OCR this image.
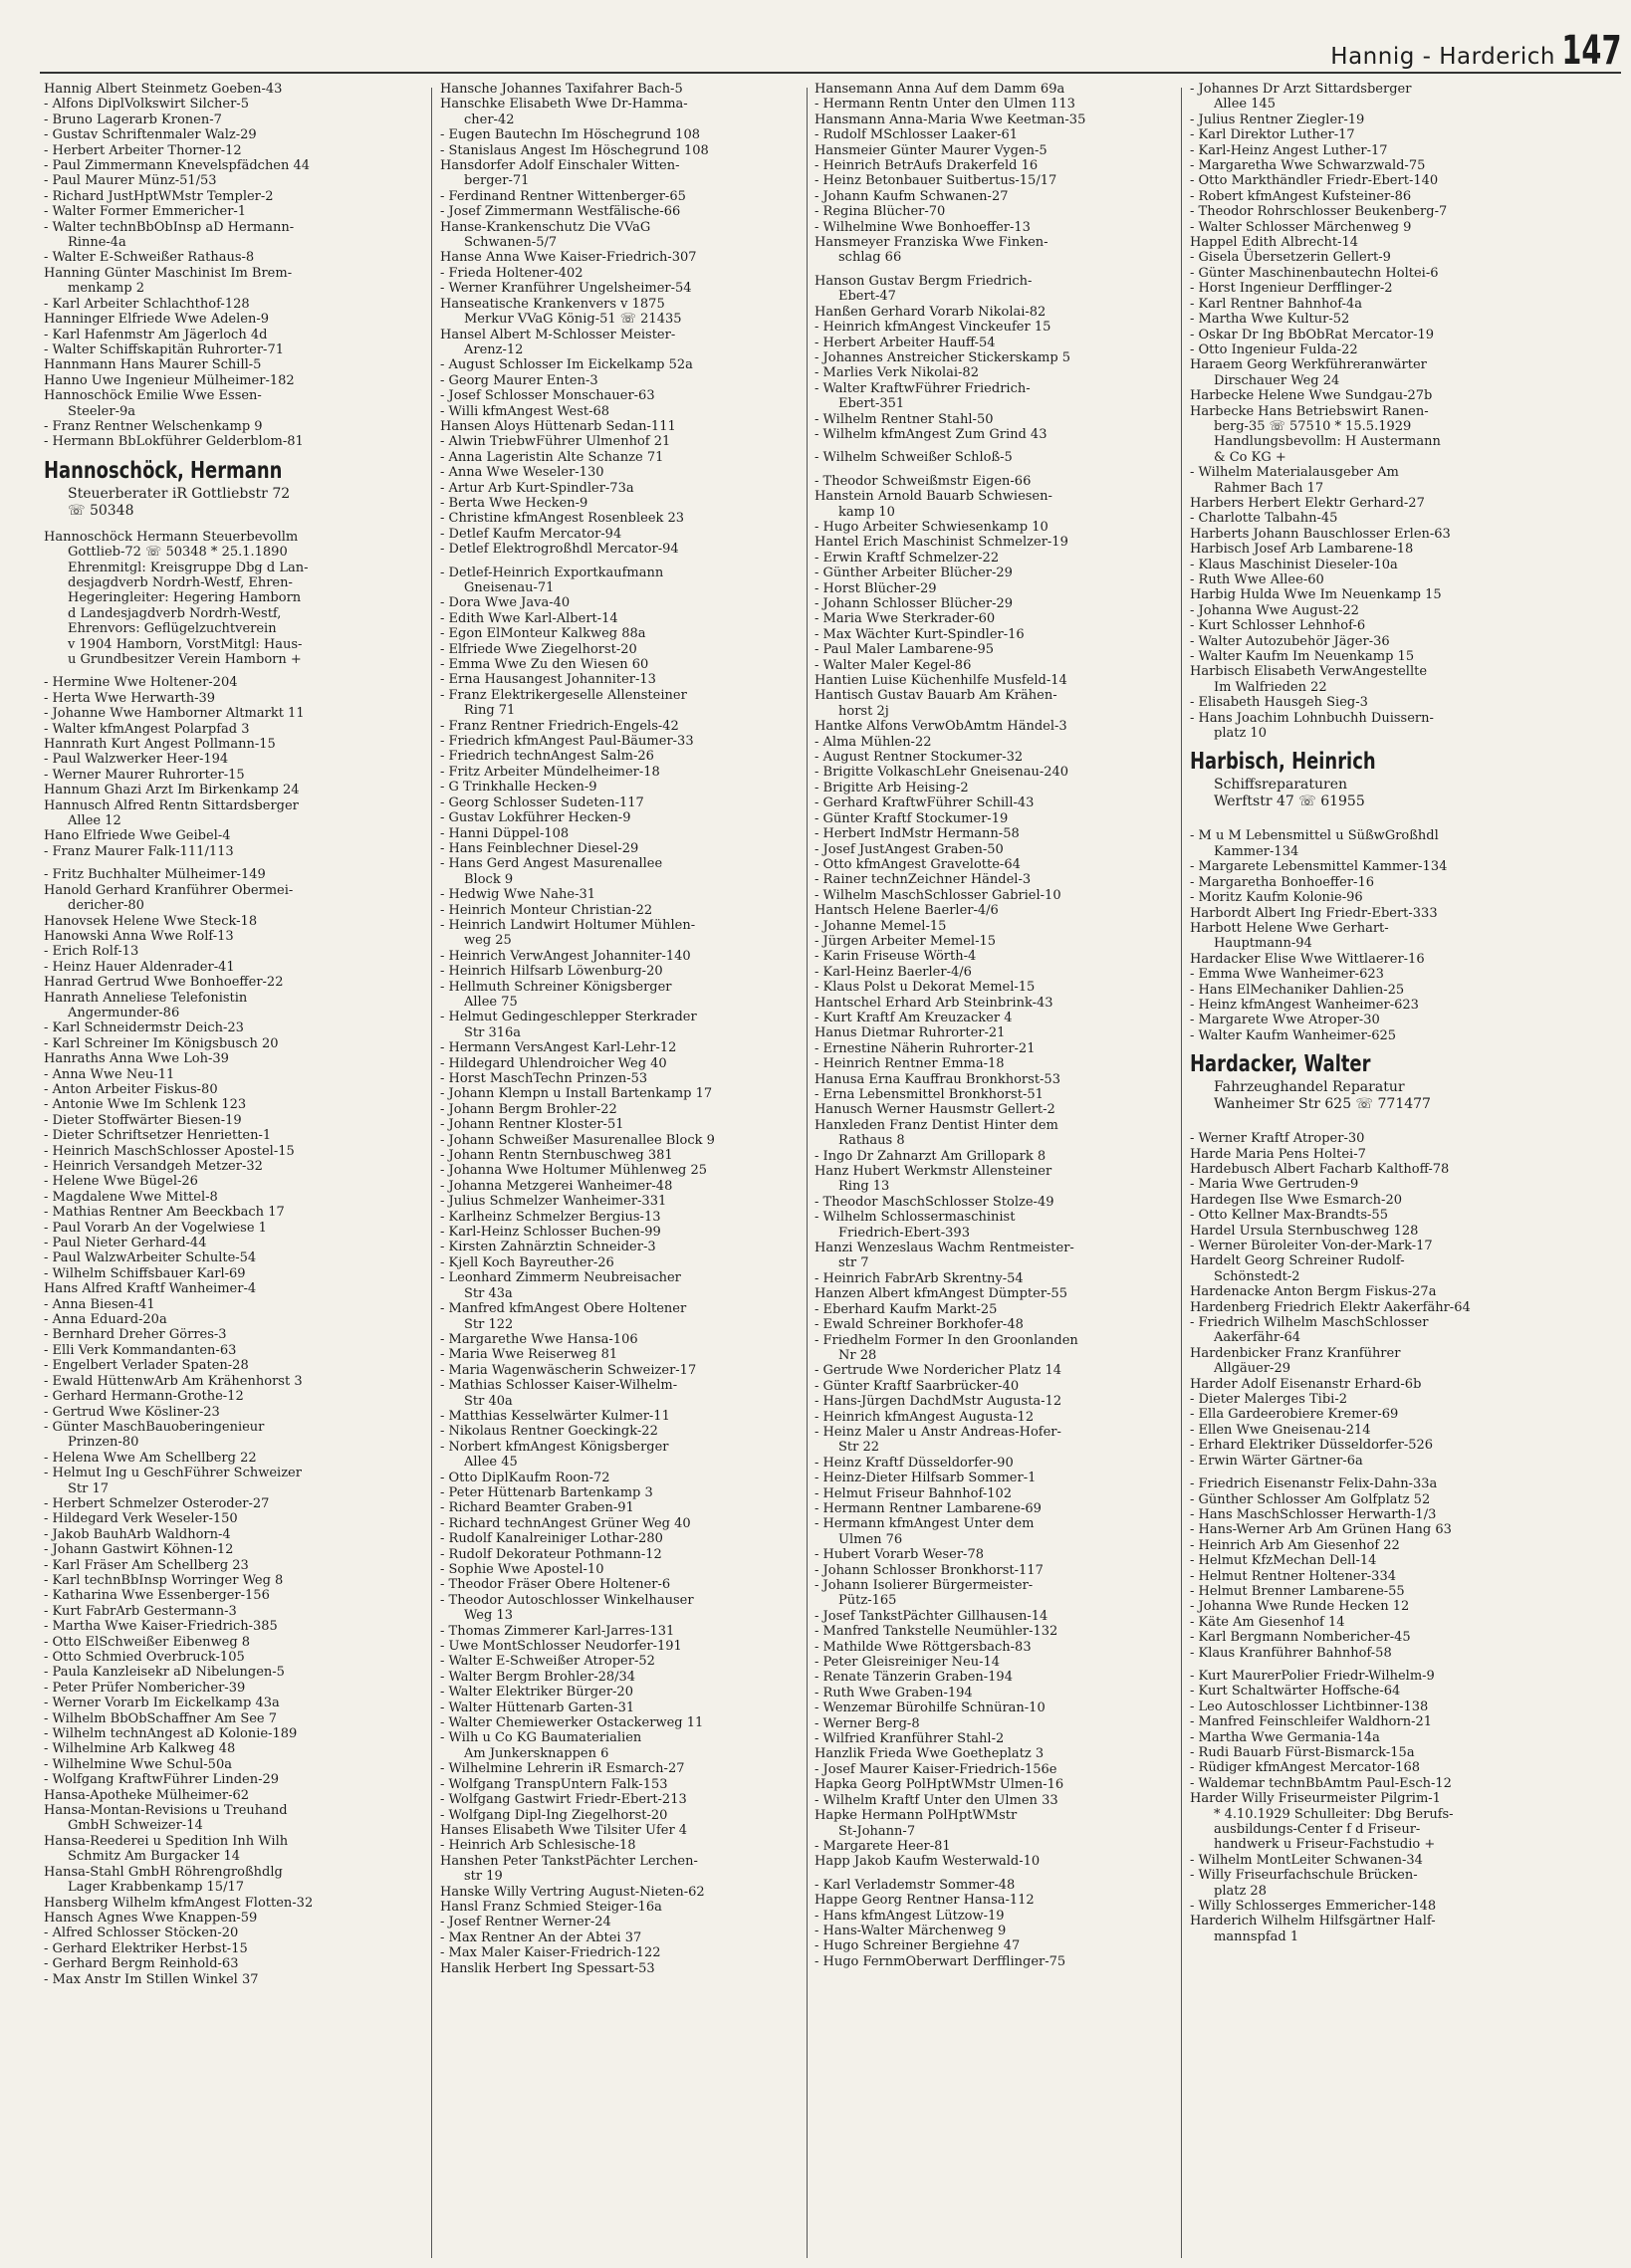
Hannig - Harderich 147
Hannig Albert Steinmetz Goeben-43
- Alfons DiplVolkswirt Silcher-5
- Bruno Lagerarb Kronen-7
- Gustav Schriftenmaler Walz-29
- Herbert Arbeiter Thorner-12
- Paul Zimmermann Knevelspfädchen 44
- Paul Maurer Münz-51/53
- Richard JustHptWMstr Templer-2
- Walter Former Emmericher-1
- Walter technBbObInsp aD Hermann-
Rinne-4a
- Walter E-Schweißer Rathaus-8
Hanning Günter Maschinist Im Brem-
menkamp 2
- Karl Arbeiter Schlachthof-128
Hanninger Elfriede Wwe Adelen-9
- Karl Hafenmstr Am Jägerloch 4d
- Walter Schiffskapitän Ruhrorter-71
Hannmann Hans Maurer Schill-5
Hanno Uwe Ingenieur Mülheimer-182
Hannoschöck Emilie Wwe Essen-
Steeler-9a
- Franz Rentner Welschenkamp 9
- Hermann BbLokführer Gelderblom-81
Hannoschöck, Hermann
Steuerberater iR Gottliebstr 72
☏ 50348
Hannoschöck Hermann Steuerbevollm
Gottlieb-72 ☏ 50348 * 25.1.1890
Ehrenmitgl: Kreisgruppe Dbg d Lan-
desjagdverb Nordrh-Westf, Ehren-
Hegeringleiter: Hegering Hamborn
d Landesjagdverb Nordrh-Westf,
Ehrenvors: Geflügelzuchtverein
v 1904 Hamborn, VorstMitgl: Haus-
u Grundbesitzer Verein Hamborn +
- Hermine Wwe Holtener-204
- Herta Wwe Herwarth-39
- Johanne Wwe Hamborner Altmarkt 11
- Walter kfmAngest Polarpfad 3
Hannrath Kurt Angest Pollmann-15
- Paul Walzwerker Heer-194
- Werner Maurer Ruhrorter-15
Hannum Ghazi Arzt Im Birkenkamp 24
Hannusch Alfred Rentn Sittardsberger
Allee 12
Hano Elfriede Wwe Geibel-4
- Franz Maurer Falk-111/113
- Fritz Buchhalter Mülheimer-149
Hanold Gerhard Kranführer Obermei-
dericher-80
Hanovsek Helene Wwe Steck-18
Hanowski Anna Wwe Rolf-13
- Erich Rolf-13
- Heinz Hauer Aldenrader-41
Hanrad Gertrud Wwe Bonhoeffer-22
Hanrath Anneliese Telefonistin
Angermunder-86
- Karl Schneidermstr Deich-23
- Karl Schreiner Im Königsbusch 20
Hanraths Anna Wwe Loh-39
- Anna Wwe Neu-11
- Anton Arbeiter Fiskus-80
- Antonie Wwe Im Schlenk 123
- Dieter Stoffwärter Biesen-19
- Dieter Schriftsetzer Henrietten-1
- Heinrich MaschSchlosser Apostel-15
- Heinrich Versandgeh Metzer-32
- Helene Wwe Bügel-26
- Magdalene Wwe Mittel-8
- Mathias Rentner Am Beeckbach 17
- Paul Vorarb An der Vogelwiese 1
- Paul Nieter Gerhard-44
- Paul WalzwArbeiter Schulte-54
- Wilhelm Schiffsbauer Karl-69
Hans Alfred Kraftf Wanheimer-4
- Anna Biesen-41
- Anna Eduard-20a
- Bernhard Dreher Görres-3
- Elli Verk Kommandanten-63
- Engelbert Verlader Spaten-28
- Ewald HüttenwArb Am Krähenhorst 3
- Gerhard Hermann-Grothe-12
- Gertrud Wwe Kösliner-23
- Günter MaschBauoberingenieur
Prinzen-80
- Helena Wwe Am Schellberg 22
- Helmut Ing u GeschFührer Schweizer
Str 17
- Herbert Schmelzer Osteroder-27
- Hildegard Verk Weseler-150
- Jakob BauhArb Waldhorn-4
- Johann Gastwirt Köhnen-12
- Karl Fräser Am Schellberg 23
- Karl technBbInsp Worringer Weg 8
- Katharina Wwe Essenberger-156
- Kurt FabrArb Gestermann-3
- Martha Wwe Kaiser-Friedrich-385
- Otto ElSchweißer Eibenweg 8
- Otto Schmied Overbruck-105
- Paula Kanzleisekr aD Nibelungen-5
- Peter Prüfer Nombericher-39
- Werner Vorarb Im Eickelkamp 43a
- Wilhelm BbObSchaffner Am See 7
- Wilhelm technAngest aD Kolonie-189
- Wilhelmine Arb Kalkweg 48
- Wilhelmine Wwe Schul-50a
- Wolfgang KraftwFührer Linden-29
Hansa-Apotheke Mülheimer-62
Hansa-Montan-Revisions u Treuhand
GmbH Schweizer-14
Hansa-Reederei u Spedition Inh Wilh
Schmitz Am Burgacker 14
Hansa-Stahl GmbH Röhrengroßhdlg
Lager Krabbenkamp 15/17
Hansberg Wilhelm kfmAngest Flotten-32
Hansch Agnes Wwe Knappen-59
- Alfred Schlosser Stöcken-20
- Gerhard Elektriker Herbst-15
- Gerhard Bergm Reinhold-63
- Max Anstr Im Stillen Winkel 37
Hansche Johannes Taxifahrer Bach-5
Hanschke Elisabeth Wwe Dr-Hamma-
cher-42
- Eugen Bautechn Im Höschegrund 108
- Stanislaus Angest Im Höschegrund 108
Hansdorfer Adolf Einschaler Witten-
berger-71
- Ferdinand Rentner Wittenberger-65
- Josef Zimmermann Westfälische-66
Hanse-Krankenschutz Die VVaG
Schwanen-5/7
Hanse Anna Wwe Kaiser-Friedrich-307
- Frieda Holtener-402
- Werner Kranführer Ungelsheimer-54
Hanseatische Krankenvers v 1875
Merkur VVaG König-51 ☏ 21435
Hansel Albert M-Schlosser Meister-
Arenz-12
- August Schlosser Im Eickelkamp 52a
- Georg Maurer Enten-3
- Josef Schlosser Monschauer-63
- Willi kfmAngest West-68
Hansen Aloys Hüttenarb Sedan-111
- Alwin TriebwFührer Ulmenhof 21
- Anna Lageristin Alte Schanze 71
- Anna Wwe Weseler-130
- Artur Arb Kurt-Spindler-73a
- Berta Wwe Hecken-9
- Christine kfmAngest Rosenbleek 23
- Detlef Kaufm Mercator-94
- Detlef Elektrogroßhdl Mercator-94
- Detlef-Heinrich Exportkaufmann
Gneisenau-71
- Dora Wwe Java-40
- Edith Wwe Karl-Albert-14
- Egon ElMonteur Kalkweg 88a
- Elfriede Wwe Ziegelhorst-20
- Emma Wwe Zu den Wiesen 60
- Erna Hausangest Johanniter-13
- Franz Elektrikergeselle Allensteiner
Ring 71
- Franz Rentner Friedrich-Engels-42
- Friedrich kfmAngest Paul-Bäumer-33
- Friedrich technAngest Salm-26
- Fritz Arbeiter Mündelheimer-18
- G Trinkhalle Hecken-9
- Georg Schlosser Sudeten-117
- Gustav Lokführer Hecken-9
- Hanni Düppel-108
- Hans Feinblechner Diesel-29
- Hans Gerd Angest Masurenallee
Block 9
- Hedwig Wwe Nahe-31
- Heinrich Monteur Christian-22
- Heinrich Landwirt Holtumer Mühlen-
weg 25
- Heinrich VerwAngest Johanniter-140
- Heinrich Hilfsarb Löwenburg-20
- Hellmuth Schreiner Königsberger
Allee 75
- Helmut Gedingeschlepper Sterkrader
Str 316a
- Hermann VersAngest Karl-Lehr-12
- Hildegard Uhlendroicher Weg 40
- Horst MaschTechn Prinzen-53
- Johann Klempn u Install Bartenkamp 17
- Johann Bergm Brohler-22
- Johann Rentner Kloster-51
- Johann Schweißer Masurenallee Block 9
- Johann Rentn Sternbuschweg 381
- Johanna Wwe Holtumer Mühlenweg 25
- Johanna Metzgerei Wanheimer-48
- Julius Schmelzer Wanheimer-331
- Karlheinz Schmelzer Bergius-13
- Karl-Heinz Schlosser Buchen-99
- Kirsten Zahnärztin Schneider-3
- Kjell Koch Bayreuther-26
- Leonhard Zimmerm Neubreisacher
Str 43a
- Manfred kfmAngest Obere Holtener
Str 122
- Margarethe Wwe Hansa-106
- Maria Wwe Reiserweg 81
- Maria Wagenwäscherin Schweizer-17
- Mathias Schlosser Kaiser-Wilhelm-
Str 40a
- Matthias Kesselwärter Kulmer-11
- Nikolaus Rentner Goeckingk-22
- Norbert kfmAngest Königsberger
Allee 45
- Otto DiplKaufm Roon-72
- Peter Hüttenarb Bartenkamp 3
- Richard Beamter Graben-91
- Richard technAngest Grüner Weg 40
- Rudolf Kanalreiniger Lothar-280
- Rudolf Dekorateur Pothmann-12
- Sophie Wwe Apostel-10
- Theodor Fräser Obere Holtener-6
- Theodor Autoschlosser Winkelhauser
Weg 13
- Thomas Zimmerer Karl-Jarres-131
- Uwe MontSchlosser Neudorfer-191
- Walter E-Schweißer Atroper-52
- Walter Bergm Brohler-28/34
- Walter Elektriker Bürger-20
- Walter Hüttenarb Garten-31
- Walter Chemiewerker Ostackerweg 11
- Wilh u Co KG Baumaterialien
Am Junkersknappen 6
- Wilhelmine Lehrerin iR Esmarch-27
- Wolfgang TranspUntern Falk-153
- Wolfgang Gastwirt Friedr-Ebert-213
- Wolfgang Dipl-Ing Ziegelhorst-20
Hanses Elisabeth Wwe Tilsiter Ufer 4
- Heinrich Arb Schlesische-18
Hanshen Peter TankstPächter Lerchen-
str 19
Hanske Willy Vertring August-Nieten-62
Hansl Franz Schmied Steiger-16a
- Josef Rentner Werner-24
- Max Rentner An der Abtei 37
- Max Maler Kaiser-Friedrich-122
Hanslik Herbert Ing Spessart-53
Hansemann Anna Auf dem Damm 69a
- Hermann Rentn Unter den Ulmen 113
Hansmann Anna-Maria Wwe Keetman-35
- Rudolf MSchlosser Laaker-61
Hansmeier Günter Maurer Vygen-5
- Heinrich BetrAufs Drakerfeld 16
- Heinz Betonbauer Suitbertus-15/17
- Johann Kaufm Schwanen-27
- Regina Blücher-70
- Wilhelmine Wwe Bonhoeffer-13
Hansmeyer Franziska Wwe Finken-
schlag 66
Hanson Gustav Bergm Friedrich-
Ebert-47
Hanßen Gerhard Vorarb Nikolai-82
- Heinrich kfmAngest Vinckeufer 15
- Herbert Arbeiter Hauff-54
- Johannes Anstreicher Stickerskamp 5
- Marlies Verk Nikolai-82
- Walter KraftwFührer Friedrich-
Ebert-351
- Wilhelm Rentner Stahl-50
- Wilhelm kfmAngest Zum Grind 43
- Wilhelm Schweißer Schloß-5
- Theodor Schweißmstr Eigen-66
Hanstein Arnold Bauarb Schwiesen-
kamp 10
- Hugo Arbeiter Schwiesenkamp 10
Hantel Erich Maschinist Schmelzer-19
- Erwin Kraftf Schmelzer-22
- Günther Arbeiter Blücher-29
- Horst Blücher-29
- Johann Schlosser Blücher-29
- Maria Wwe Sterkrader-60
- Max Wächter Kurt-Spindler-16
- Paul Maler Lambarene-95
- Walter Maler Kegel-86
Hantien Luise Küchenhilfe Musfeld-14
Hantisch Gustav Bauarb Am Krähen-
horst 2j
Hantke Alfons VerwObAmtm Händel-3
- Alma Mühlen-22
- August Rentner Stockumer-32
- Brigitte VolkaschLehr Gneisenau-240
- Brigitte Arb Heising-2
- Gerhard KraftwFührer Schill-43
- Günter Kraftf Stockumer-19
- Herbert IndMstr Hermann-58
- Josef JustAngest Graben-50
- Otto kfmAngest Gravelotte-64
- Rainer technZeichner Händel-3
- Wilhelm MaschSchlosser Gabriel-10
Hantsch Helene Baerler-4/6
- Johanne Memel-15
- Jürgen Arbeiter Memel-15
- Karin Friseuse Wörth-4
- Karl-Heinz Baerler-4/6
- Klaus Polst u Dekorat Memel-15
Hantschel Erhard Arb Steinbrink-43
- Kurt Kraftf Am Kreuzacker 4
Hanus Dietmar Ruhrorter-21
- Ernestine Näherin Ruhrorter-21
- Heinrich Rentner Emma-18
Hanusa Erna Kauffrau Bronkhorst-53
- Erna Lebensmittel Bronkhorst-51
Hanusch Werner Hausmstr Gellert-2
Hanxleden Franz Dentist Hinter dem
Rathaus 8
- Ingo Dr Zahnarzt Am Grillopark 8
Hanz Hubert Werkmstr Allensteiner
Ring 13
- Theodor MaschSchlosser Stolze-49
- Wilhelm Schlossermaschinist
Friedrich-Ebert-393
Hanzi Wenzeslaus Wachm Rentmeister-
str 7
- Heinrich FabrArb Skrentny-54
Hanzen Albert kfmAngest Dümpter-55
- Eberhard Kaufm Markt-25
- Ewald Schreiner Borkhofer-48
- Friedhelm Former In den Groonlanden
Nr 28
- Gertrude Wwe Nordericher Platz 14
- Günter Kraftf Saarbrücker-40
- Hans-Jürgen DachdMstr Augusta-12
- Heinrich kfmAngest Augusta-12
- Heinz Maler u Anstr Andreas-Hofer-
Str 22
- Heinz Kraftf Düsseldorfer-90
- Heinz-Dieter Hilfsarb Sommer-1
- Helmut Friseur Bahnhof-102
- Hermann Rentner Lambarene-69
- Hermann kfmAngest Unter dem
Ulmen 76
- Hubert Vorarb Weser-78
- Johann Schlosser Bronkhorst-117
- Johann Isolierer Bürgermeister-
Pütz-165
- Josef TankstPächter Gillhausen-14
- Manfred Tankstelle Neumühler-132
- Mathilde Wwe Röttgersbach-83
- Peter Gleisreiniger Neu-14
- Renate Tänzerin Graben-194
- Ruth Wwe Graben-194
- Wenzemar Bürohilfe Schnüran-10
- Werner Berg-8
- Wilfried Kranführer Stahl-2
Hanzlik Frieda Wwe Goetheplatz 3
- Josef Maurer Kaiser-Friedrich-156e
Hapka Georg PolHptWMstr Ulmen-16
- Wilhelm Kraftf Unter den Ulmen 33
Hapke Hermann PolHptWMstr
St-Johann-7
- Margarete Heer-81
Happ Jakob Kaufm Westerwald-10
- Karl Verlademstr Sommer-48
Happe Georg Rentner Hansa-112
- Hans kfmAngest Lützow-19
- Hans-Walter Märchenweg 9
- Hugo Schreiner Bergiehne 47
- Hugo FernmOberwart Derfflinger-75
- Johannes Dr Arzt Sittardsberger
Allee 145
- Julius Rentner Ziegler-19
- Karl Direktor Luther-17
- Karl-Heinz Angest Luther-17
- Margaretha Wwe Schwarzwald-75
- Otto Markthändler Friedr-Ebert-140
- Robert kfmAngest Kufsteiner-86
- Theodor Rohrschlosser Beukenberg-7
- Walter Schlosser Märchenweg 9
Happel Edith Albrecht-14
- Gisela Übersetzerin Gellert-9
- Günter Maschinenbautechn Holtei-6
- Horst Ingenieur Derfflinger-2
- Karl Rentner Bahnhof-4a
- Martha Wwe Kultur-52
- Oskar Dr Ing BbObRat Mercator-19
- Otto Ingenieur Fulda-22
Haraem Georg Werkführeranwärter
Dirschauer Weg 24
Harbecke Helene Wwe Sundgau-27b
Harbecke Hans Betriebswirt Ranen-
berg-35 ☏ 57510 * 15.5.1929
Handlungsbevollm: H Austermann
& Co KG +
- Wilhelm Materialausgeber Am
Rahmer Bach 17
Harbers Herbert Elektr Gerhard-27
- Charlotte Talbahn-45
Harberts Johann Bauschlosser Erlen-63
Harbisch Josef Arb Lambarene-18
- Klaus Maschinist Dieseler-10a
- Ruth Wwe Allee-60
Harbig Hulda Wwe Im Neuenkamp 15
- Johanna Wwe August-22
- Kurt Schlosser Lehnhof-6
- Walter Autozubehör Jäger-36
- Walter Kaufm Im Neuenkamp 15
Harbisch Elisabeth VerwAngestellte
Im Walfrieden 22
- Elisabeth Hausgeh Sieg-3
- Hans Joachim Lohnbuchh Duissern-
platz 10
Harbisch, Heinrich
Schiffsreparaturen
Werftstr 47 ☏ 61955
- M u M Lebensmittel u SüßwGroßhdl
Kammer-134
- Margarete Lebensmittel Kammer-134
- Margaretha Bonhoeffer-16
- Moritz Kaufm Kolonie-96
Harbordt Albert Ing Friedr-Ebert-333
Harbott Helene Wwe Gerhart-
Hauptmann-94
Hardacker Elise Wwe Wittlaerer-16
- Emma Wwe Wanheimer-623
- Hans ElMechaniker Dahlien-25
- Heinz kfmAngest Wanheimer-623
- Margarete Wwe Atroper-30
- Walter Kaufm Wanheimer-625
Hardacker, Walter
Fahrzeughandel Reparatur
Wanheimer Str 625 ☏ 771477
- Werner Kraftf Atroper-30
Harde Maria Pens Holtei-7
Hardebusch Albert Facharb Kalthoff-78
- Maria Wwe Gertruden-9
Hardegen Ilse Wwe Esmarch-20
- Otto Kellner Max-Brandts-55
Hardel Ursula Sternbuschweg 128
- Werner Büroleiter Von-der-Mark-17
Hardelt Georg Schreiner Rudolf-
Schönstedt-2
Hardenacke Anton Bergm Fiskus-27a
Hardenberg Friedrich Elektr Aakerfähr-64
- Friedrich Wilhelm MaschSchlosser
Aakerfähr-64
Hardenbicker Franz Kranführer
Allgäuer-29
Harder Adolf Eisenanstr Erhard-6b
- Dieter Malerges Tibi-2
- Ella Gardeerobiere Kremer-69
- Ellen Wwe Gneisenau-214
- Erhard Elektriker Düsseldorfer-526
- Erwin Wärter Gärtner-6a
- Friedrich Eisenanstr Felix-Dahn-33a
- Günther Schlosser Am Golfplatz 52
- Hans MaschSchlosser Herwarth-1/3
- Hans-Werner Arb Am Grünen Hang 63
- Heinrich Arb Am Giesenhof 22
- Helmut KfzMechan Dell-14
- Helmut Rentner Holtener-334
- Helmut Brenner Lambarene-55
- Johanna Wwe Runde Hecken 12
- Käte Am Giesenhof 14
- Karl Bergmann Nombericher-45
- Klaus Kranführer Bahnhof-58
- Kurt MaurerPolier Friedr-Wilhelm-9
- Kurt Schaltwärter Hoffsche-64
- Leo Autoschlosser Lichtbinner-138
- Manfred Feinschleifer Waldhorn-21
- Martha Wwe Germania-14a
- Rudi Bauarb Fürst-Bismarck-15a
- Rüdiger kfmAngest Mercator-168
- Waldemar technBbAmtm Paul-Esch-12
Harder Willy Friseurmeister Pilgrim-1
* 4.10.1929 Schulleiter: Dbg Berufs-
ausbildungs-Center f d Friseur-
handwerk u Friseur-Fachstudio +
- Wilhelm MontLeiter Schwanen-34
- Willy Friseurfachschule Brücken-
platz 28
- Willy Schlosserges Emmericher-148
Harderich Wilhelm Hilfsgärtner Half-
mannspfad 1
